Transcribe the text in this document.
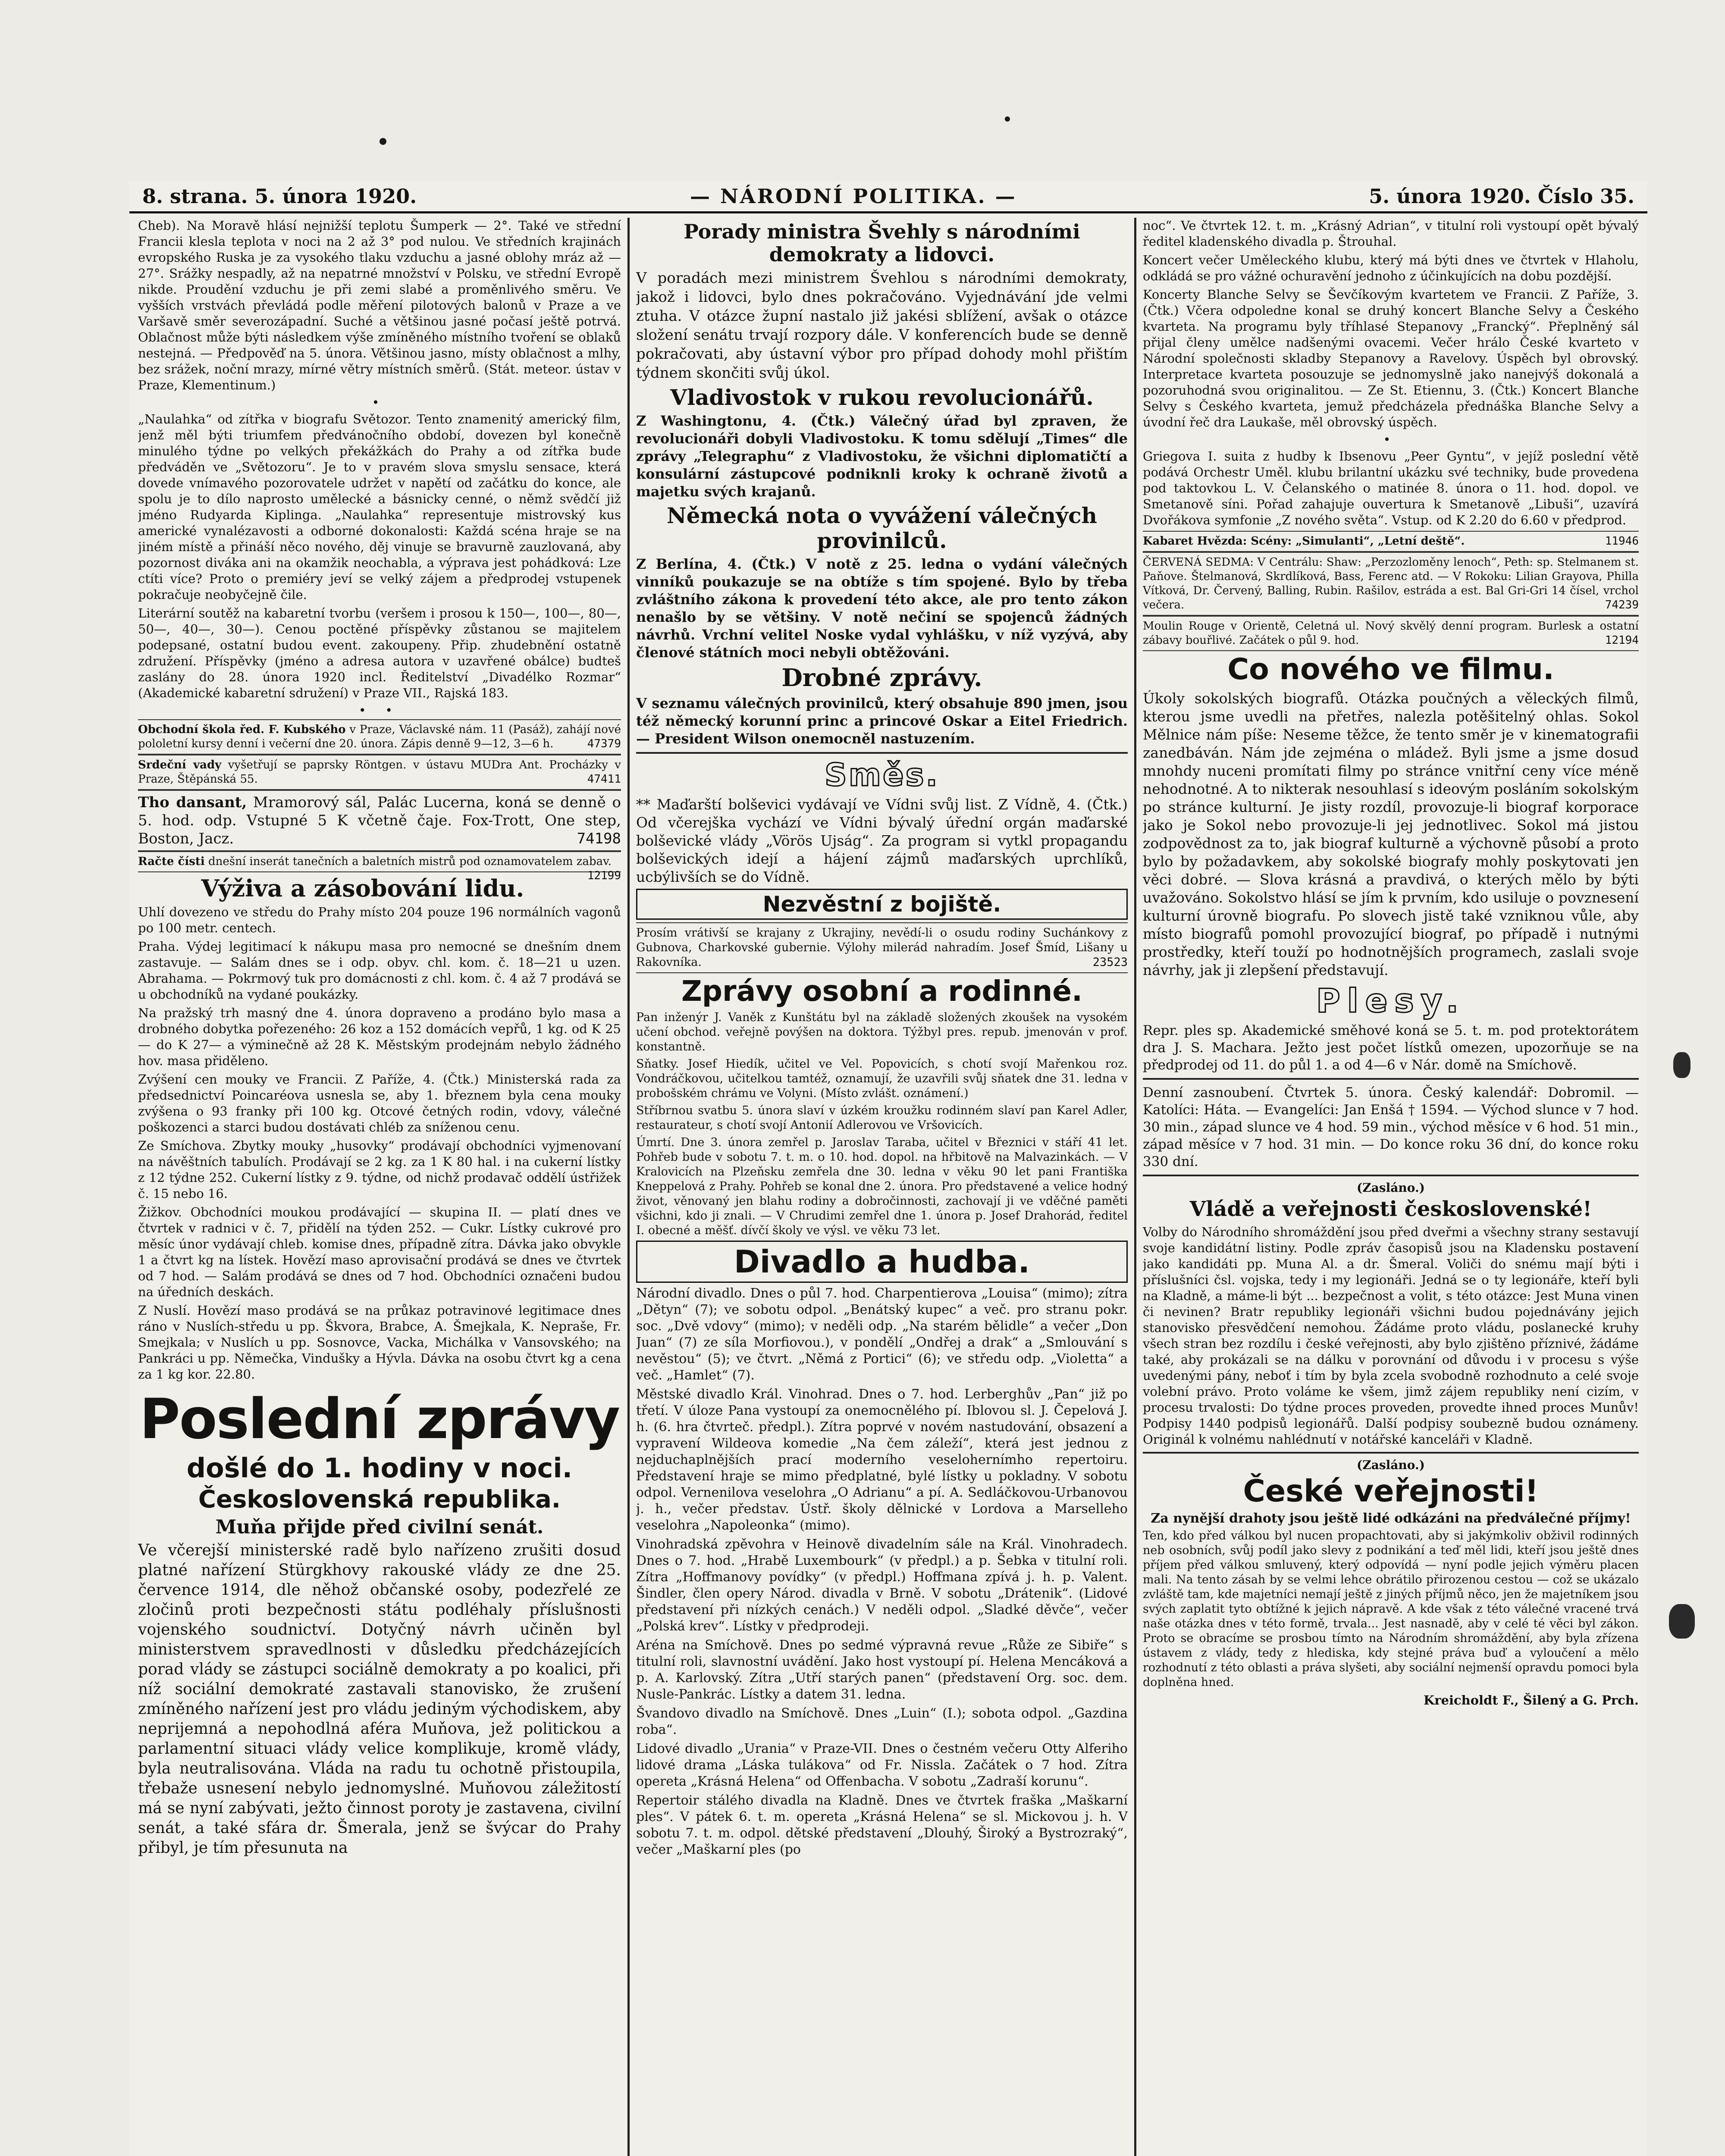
8. strana. 5. února 1920.	— NÁRODNÍ POLITIKA. —	5. února 1920. Číslo 35.

Cheb). Na Moravě hlásí nejnižší teplotu Šumperk — 2°. Také ve střední Francii klesla teplota v noci na 2 až 3° pod nulou. Ve středních krajinách evropského Ruska je za vysokého tlaku vzduchu a jasné oblohy mráz až — 27°. Srážky nespadly, až na nepatrné množství v Polsku, ve střední Evropě nikde. Proudění vzduchu je při zemi slabé a proměnlivého směru. Ve vyšších vrstvách převládá podle měření pilotových balonů v Praze a ve Varšavě směr severozápadní. Suché a většinou jasné počasí ještě potrvá. Oblačnost může býti následkem výše zmíněného místního tvoření se oblaků nestejná. — Předpověď na 5. února. Většinou jasno, místy oblačnost a mlhy, bez srážek, noční mrazy, mírné větry místních směrů. (Stát. meteor. ústav v Praze, Klementinum.)

•

„Naulahka“ od zítřka v biografu Světozor. Tento znamenitý americký film, jenž měl býti triumfem předvánočního období, dovezen byl konečně minulého týdne po velkých překážkách do Prahy a od zítřka bude předváděn ve „Světozoru“. Je to v pravém slova smyslu sensace, která dovede vnímavého pozorovatele udržet v napětí od začátku do konce, ale spolu je to dílo naprosto umělecké a básnicky cenné, o němž svědčí již jméno Rudyarda Kiplinga. „Naulahka“ representuje mistrovský kus americké vynalézavosti a odborné dokonalosti: Každá scéna hraje se na jiném místě a přináší něco nového, děj vinuje se bravurně zauzlovaná, aby pozornost diváka ani na okamžik neochabla, a výprava jest pohádková: Lze ctíti více? Proto o premiéry jeví se velký zájem a předprodej vstupenek pokračuje neobyčejně čile.

Literární soutěž na kabaretní tvorbu (veršem i prosou k 150—, 100—, 80—, 50—, 40—, 30—). Cenou poctěné příspěvky zůstanou se majitelem podepsané, ostatní budou event. zakoupeny. Přip. zhudebnění ostatně združení. Příspěvky (jméno a adresa autora v uzavřené obálce) budteš zaslány do 28. února 1920 incl. Ředitelství „Divadélko Rozmar“ (Akademické kabaretní sdružení) v Praze VII., Rajská 183.

• •

Obchodní škola řed. F. Kubského v Praze, Václavské nám. 11 (Pasáž), zahájí nové pololetní kursy denní i večerní dne 20. února. Zápis denně 9—12, 3—6 h.	47379

Srdeční vady vyšetřují se paprsky Röntgen. v ústavu MUDra Ant. Procházky v Praze, Štěpánská 55.	47411

Tho dansant, Mramorový sál, Palác Lucerna, koná se denně o 5. hod. odp. Vstupné 5 K včetně čaje. Fox-Trott, One step, Boston, Jacz.	74198

Račte čísti dnešní inserát tanečních a baletních mistrů pod oznamovatelem zabav.
12199

Výživa a zásobování lidu.

Uhlí dovezeno ve středu do Prahy místo 204 pouze 196 normálních vagonů po 100 metr. centech.

Praha. Výdej legitimací k nákupu masa pro nemocné se dnešním dnem zastavuje. — Salám dnes se i odp. obyv. chl. kom. č. 18—21 u uzen. Abrahama. — Pokrmový tuk pro domácnosti z chl. kom. č. 4 až 7 prodává se u obchodníků na vydané poukázky.

Na pražský trh masný dne 4. února dopraveno a prodáno bylo masa a drobného dobytka pořezeného: 26 koz a 152 domácích vepřů, 1 kg. od K 25— do K 27— a výminečně až 28 K. Městským prodejnám nebylo žádného hov. masa přiděleno.

Zvýšení cen mouky ve Francii. Z Paříže, 4. (Čtk.) Ministerská rada za předsednictví Poincaréova usnesla se, aby 1. březnem byla cena mouky zvýšena o 93 franky při 100 kg. Otcové četných rodin, vdovy, válečné poškozenci a starci budou dostávati chléb za sníženou cenu.

Ze Smíchova. Zbytky mouky „husovky“ prodávají obchodníci vyjmenovaní na návěštních tabulích. Prodávají se 2 kg. za 1 K 80 hal. i na cukerní lístky z 12 týdne 252. Cukerní lístky z 9. týdne, od nichž prodavač oddělí ústřižek č. 15 nebo 16.

Žižkov. Obchodníci moukou prodávající — skupina II. — platí dnes ve čtvrtek v radnici v č. 7, přidělí na týden 252. — Cukr. Lístky cukrové pro měsíc únor vydávají chleb. komise dnes, případně zítra. Dávka jako obvykle 1 a čtvrt kg na lístek. Hovězí maso aprovisační prodává se dnes ve čtvrtek od 7 hod. — Salám prodává se dnes od 7 hod. Obchodníci označeni budou na úředních deskách.

Z Nuslí. Hovězí maso prodává se na průkaz potravinové legitimace dnes ráno v Nuslích-středu u pp. Škvora, Brabce, A. Šmejkala, K. Nepraše, Fr. Smejkala; v Nuslích u pp. Sosnovce, Vacka, Michálka v Vansovského; na Pankráci u pp. Němečka, Vindušky a Hývla. Dávka na osobu čtvrt kg a cena za 1 kg kor. 22.80.

Poslední zprávy
došlé do 1. hodiny v noci.
Československá republika.
Muňa přijde před civilní senát.

Ve včerejší ministerské radě bylo nařízeno zrušiti dosud platné nařízení Stürgkhovy rakouské vlády ze dne 25. července 1914, dle něhož občanské osoby, podezřelé ze zločinů proti bezpečnosti státu podléhaly příslušnosti vojenského soudnictví. Dotyčný návrh učiněn byl ministerstvem spravedlnosti v důsledku předcházejících porad vlády se zástupci sociálně demokraty a po koalici, při níž sociální demokraté zastavali stanovisko, že zrušení zmíněného nařízení jest pro vládu jediným východiskem, aby neprijemná a nepohodlná aféra Muňova, jež politickou a parlamentní situaci vlády velice komplikuje, kromě vlády, byla neutralisována. Vláda na radu tu ochotně přistoupila, třebaže usnesení nebylo jednomyslné. Muňovou záležitostí má se nyní zabývati, ježto činnost poroty je zastavena, civilní senát, a také sfára dr. Šmerala, jenž se švýcar do Prahy přibyl, je tím přesunuta na

Porady ministra Švehly s národními demokraty a lidovci.

V poradách mezi ministrem Švehlou s národními demokraty, jakož i lidovci, bylo dnes pokračováno. Vyjednávání jde velmi ztuha. V otázce župní nastalo již jakési sblížení, avšak o otázce složení senátu trvají rozpory dále. V konferencích bude se denně pokračovati, aby ústavní výbor pro případ dohody mohl přištím týdnem skončiti svůj úkol.

Vladivostok v rukou revolucionářů.

Z Washingtonu, 4. (Čtk.) Válečný úřad byl zpraven, že revolucionáři dobyli Vladivostoku. K tomu sdělují „Times“ dle zprávy „Telegraphu“ z Vladivostoku, že všichni diplomatičtí a konsulární zástupcové podniknli kroky k ochraně životů a majetku svých krajanů.

Německá nota o vyvážení válečných provinilců.

Z Berlína, 4. (Čtk.) V notě z 25. ledna o vydání válečných vinníků poukazuje se na obtíže s tím spojené. Bylo by třeba zvláštního zákona k provedení této akce, ale pro tento zákon nenašlo by se většiny. V notě nečiní se spojenců žádných návrhů. Vrchní velitel Noske vydal vyhlášku, v níž vyzývá, aby členové státních moci nebyli obtěžováni.

Drobné zprávy.

V seznamu válečných provinilců, který obsahuje 890 jmen, jsou též německý korunní princ a princové Oskar a Eitel Friedrich. — President Wilson onemocněl nastuzením.

Směs.

** Maďarští bolševici vydávají ve Vídni svůj list. Z Vídně, 4. (Čtk.) Od včerejška vychází ve Vídni bývalý úřední orgán maďarské bolševické vlády „Vörös Ujság“. Za program si vytkl propagandu bolševických idejí a hájení zájmů maďarských uprchlíků, ucbýlivších se do Vídně.

Nezvěstní z bojiště.

Prosím vrátivší se krajany z Ukrajiny, nevědí-li o osudu rodiny Suchánkovy z Gubnova, Charkovské gubernie. Výlohy milerád nahradím. Josef Šmíd, Lišany u Rakovníka.	23523

Zprávy osobní a rodinné.

Pan inženýr J. Vaněk z Kunštátu byl na základě složených zkoušek na vysokém učení obchod. veřejně povýšen na doktora. Týžbyl pres. repub. jmenován v prof. konstantně.

Sňatky. Josef Hiedík, učitel ve Vel. Popovicích, s chotí svojí Mařenkou roz. Vondráčkovou, učitelkou tamtéž, oznamují, že uzavřili svůj sňatek dne 31. ledna v probošském chrámu ve Volyni. (Místo zvlášt. oznámení.)

Stříbrnou svatbu 5. února slaví v úzkém kroužku rodinném slaví pan Karel Adler, restaurateur, s chotí svojí Antonií Adlerovou ve Vršovicích.

Úmrtí. Dne 3. února zemřel p. Jaroslav Taraba, učitel v Březnici v stáří 41 let. Pohřeb bude v sobotu 7. t. m. o 10. hod. dopol. na hřbitově na Malvazinkách. — V Kralovicích na Plzeňsku zemřela dne 30. ledna v věku 90 let pani Františka Kneppelová z Prahy. Pohřeb se konal dne 2. února. Pro představené a velice hodný život, věnovaný jen blahu rodiny a dobročinnosti, zachovají ji ve vděčné paměti všichni, kdo ji znali. — V Chrudimi zemřel dne 1. února p. Josef Drahorád, ředitel I. obecné a měšť. dívčí školy ve výsl. ve věku 73 let.

Divadlo a hudba.

Národní divadlo. Dnes o půl 7. hod. Charpentierova „Louisa“ (mimo); zítra „Dětyn“ (7); ve sobotu odpol. „Benátský kupec“ a več. pro stranu pokr. soc. „Dvě vdovy“ (mimo); v neděli odp. „Na starém bělidle“ a večer „Don Juan“ (7) ze síla Morfiovou.), v pondělí „Ondřej a drak“ a „Smlouvání s nevěstou“ (5); ve čtvrt. „Němá z Portici“ (6); ve středu odp. „Violetta“ a več. „Hamlet“ (7).

Městské divadlo Král. Vinohrad. Dnes o 7. hod. Lerberghův „Pan“ již po třetí. V úloze Pana vystoupí za onemocnělého pí. Iblovou sl. J. Čepelová J. h. (6. hra čtvrteč. předpl.). Zítra poprvé v novém nastudování, obsazení a vypravení Wildeova komedie „Na čem záleží“, která jest jednou z nejduchaplnějších prací moderního veselohernímho repertoiru. Představení hraje se mimo předplatné, bylé lístky u pokladny. V sobotu odpol. Vernenilova veselohra „O Adrianu“ a pí. A. Sedláčkovou-Urbanovou j. h., večer představ. Ústř. školy dělnické v Lordova a Marselleho veselohra „Napoleonka“ (mimo).

Vinohradská zpěvohra v Heinově divadelním sále na Král. Vinohradech. Dnes o 7. hod. „Hrabě Luxembourk“ (v předpl.) a p. Šebka v titulní roli. Zítra „Hoffmanovy povídky“ (v předpl.) Hoffmana zpívá j. h. p. Valent. Šindler, člen opery Národ. divadla v Brně. V sobotu „Drátenik“. (Lidové představení při nízkých cenách.) V neděli odpol. „Sladké děvče“, večer „Polská krev“. Lístky v předprodeji.

Aréna na Smíchově. Dnes po sedmé výpravná revue „Růže ze Sibiře“ s titulní roli, slavnostní uvádění. Jako host vystoupí pí. Helena Mencáková a p. A. Karlovský. Zítra „Utří starých panen“ (představení Org. soc. dem. Nusle-Pankrác. Lístky a datem 31. ledna.

Švandovo divadlo na Smíchově. Dnes „Luin“ (I.); sobota odpol. „Gazdina roba“.

Lidové divadlo „Urania“ v Praze-VII. Dnes o čestném večeru Otty Alferiho lidové drama „Láska tulákova“ od Fr. Nissla. Začátek o 7 hod. Zítra opereta „Krásná Helena“ od Offenbacha. V sobotu „Zadraší korunu“.

Repertoir stálého divadla na Kladně. Dnes ve čtvrtek fraška „Maškarní ples“. V pátek 6. t. m. opereta „Krásná Helena“ se sl. Mickovou j. h. V sobotu 7. t. m. odpol. dětské představení „Dlouhý, Široký a Bystrozraký“, večer „Maškarní ples (po

noc“. Ve čtvrtek 12. t. m. „Krásný Adrian“, v titulní roli vystoupí opět bývalý ředitel kladenského divadla p. Štrouhal.

Koncert večer Uměleckého klubu, který má býti dnes ve čtvrtek v Hlaholu, odkládá se pro vážné ochuravění jednoho z účinkujících na dobu pozdější.

Koncerty Blanche Selvy se Ševčíkovým kvartetem ve Francii. Z Paříže, 3. (Čtk.) Včera odpoledne konal se druhý koncert Blanche Selvy a Českého kvarteta. Na programu byly tříhlasé Stepanovy „Francký“. Přeplněný sál přijal členy umělce nadšenými ovacemi. Večer hrálo České kvarteto v Národní společnosti skladby Stepanovy a Ravelovy. Úspěch byl obrovský. Interpretace kvarteta posouzuje se jednomyslně jako nanejvýš dokonalá a pozoruhodná svou originalitou. — Ze St. Etiennu, 3. (Čtk.) Koncert Blanche Selvy s Českého kvarteta, jemuž předcházela přednáška Blanche Selvy a úvodní řeč dra Laukaše, měl obrovský úspěch.

•

Griegova I. suita z hudby k Ibsenovu „Peer Gyntu“, v jejíž poslední větě podává Orchestr Uměl. klubu brilantní ukázku své techniky, bude provedena pod taktovkou L. V. Čelanského o matinée 8. února o 11. hod. dopol. ve Smetanově síni. Pořad zahajuje ouvertura k Smetanově „Libuši“, uzavírá Dvořákova symfonie „Z nového světa“. Vstup. od K 2.20 do 6.60 v předprod.

Kabaret Hvězda: Scény: „Simulanti“, „Letní deště“.	11946

ČERVENÁ SEDMA: V Centrálu: Shaw: „Perzozloměny lenoch“, Peth: sp. Stelmanem st. Paňove. Štelmanová, Skrdlíková, Bass, Ferenc atd. — V Rokoku: Lilian Grayova, Philla Vítková, Dr. Červený, Balling, Rubin. Rašilov, estráda a est. Bal Gri-Gri 14 čísel, vrchol večera.	74239

Moulin Rouge v Orientě, Celetná ul. Nový skvělý denní program. Burlesk a ostatní zábavy bouřlivé. Začátek o půl 9. hod.	12194

Co nového ve filmu.

Úkoly sokolských biografů. Otázka poučných a věleckých filmů, kterou jsme uvedli na přetřes, nalezla potěšitelný ohlas. Sokol Mělnice nám píše: Neseme těžce, že tento směr je v kinematografii zanedbáván. Nám jde zejména o mládež. Byli jsme a jsme dosud mnohdy nuceni promítati filmy po stránce vnitřní ceny více méně nehodnotné. A to nikterak nesouhlasí s ideovým posláním sokolským po stránce kulturní. Je jisty rozdíl, provozuje-li biograf korporace jako je Sokol nebo provozuje-li jej jednotlivec. Sokol má jistou zodpovědnost za to, jak biograf kulturně a výchovně působí a proto bylo by požadavkem, aby sokolské biografy mohly poskytovati jen věci dobré. — Slova krásná a pravdivá, o kterých mělo by býti uvažováno. Sokolstvo hlásí se jím k prvním, kdo usiluje o povznesení kulturní úrovně biografu. Po slovech jistě také vzniknou vůle, aby místo biografů pomohl provozující biograf, po případě i nutnými prostředky, kteří touží po hodnotnějších programech, zaslali svoje návrhy, jak ji zlepšení představují.

Plesy.

Repr. ples sp. Akademické směhové koná se 5. t. m. pod protektorátem dra J. S. Machara. Ježto jest počet lístků omezen, upozorňuje se na předprodej od 11. do půl 1. a od 4—6 v Nár. domě na Smíchově.

Denní zasnoubení. Čtvrtek 5. února. Český kalendář: Dobromil. — Katolíci: Háta. — Evangelíci: Jan Enšá † 1594. — Východ slunce v 7 hod. 30 min., západ slunce ve 4 hod. 59 min., východ měsíce v 6 hod. 51 min., západ měsíce v 7 hod. 31 min. — Do konce roku 36 dní, do konce roku 330 dní.

(Zasláno.)
Vládě a veřejnosti československé!

Volby do Národního shromáždění jsou před dveřmi a všechny strany sestavují svoje kandidátní listiny. Podle zpráv časopisů jsou na Kladensku postavení jako kandidáti pp. Muna Al. a dr. Šmeral. Voliči do snému mají býti i příslušníci čsl. vojska, tedy i my legionáři. Jedná se o ty legionáře, kteří byli na Kladně, a máme-li být ... bezpečnost a volit, s této otázce: Jest Muna vinen či nevinen? Bratr republiky legionáři všichni budou pojednávány jejich stanovisko přesvědčení nemohou. Žádáme proto vládu, poslanecké kruhy všech stran bez rozdílu i české veřejnosti, aby bylo zjištěno příznivé, žádáme také, aby prokázali se na dálku v porovnání od důvodu i v procesu s výše uvedenými pány, neboť i tím by byla zcela svobodně rozhodnuto a celé svoje volební právo. Proto voláme ke všem, jimž zájem republiky není cizím, v procesu trvalosti: Do týdne proces proveden, provedte ihned proces Munův! Podpisy 1440 podpisů legionářů. Další podpisy soubezně budou oznámeny. Originál k volnému nahlédnutí v notářské kanceláři v Kladně.

(Zasláno.)
České veřejnosti!
Za nynější drahoty jsou ještě lidé odkázáni na předválečné příjmy!

Ten, kdo před válkou byl nucen propachtovati, aby si jakýmkoliv obživil rodinných neb osobních, svůj podíl jako slevy z podnikání a teď měl lidi, kteří jsou ještě dnes příjem před válkou smluvený, který odpovídá — nyní podle jejich výměru placen mali. Na tento zásah by se velmi lehce obrátilo přirozenou cestou — což se ukázalo zvláště tam, kde majetníci nemají ještě z jiných příjmů něco, jen že majetníkem jsou svých zaplatit tyto obtížné k jejich nápravě. A kde však z této válečné vracené trvá naše otázka dnes v této formě, trvala... Jest nasnadě, aby v celé té věci byl zákon. Proto se obracíme se prosbou tímto na Národním shromáždění, aby byla zřízena ústavem z vlády, tedy z hlediska, kdy stejné práva buď a vyloučení a mělo rozhodnutí z této oblasti a práva slyšeti, aby sociální nejmenší opravdu pomoci byla doplněna hned.

Kreicholdt F., Šilený a G. Prch.
